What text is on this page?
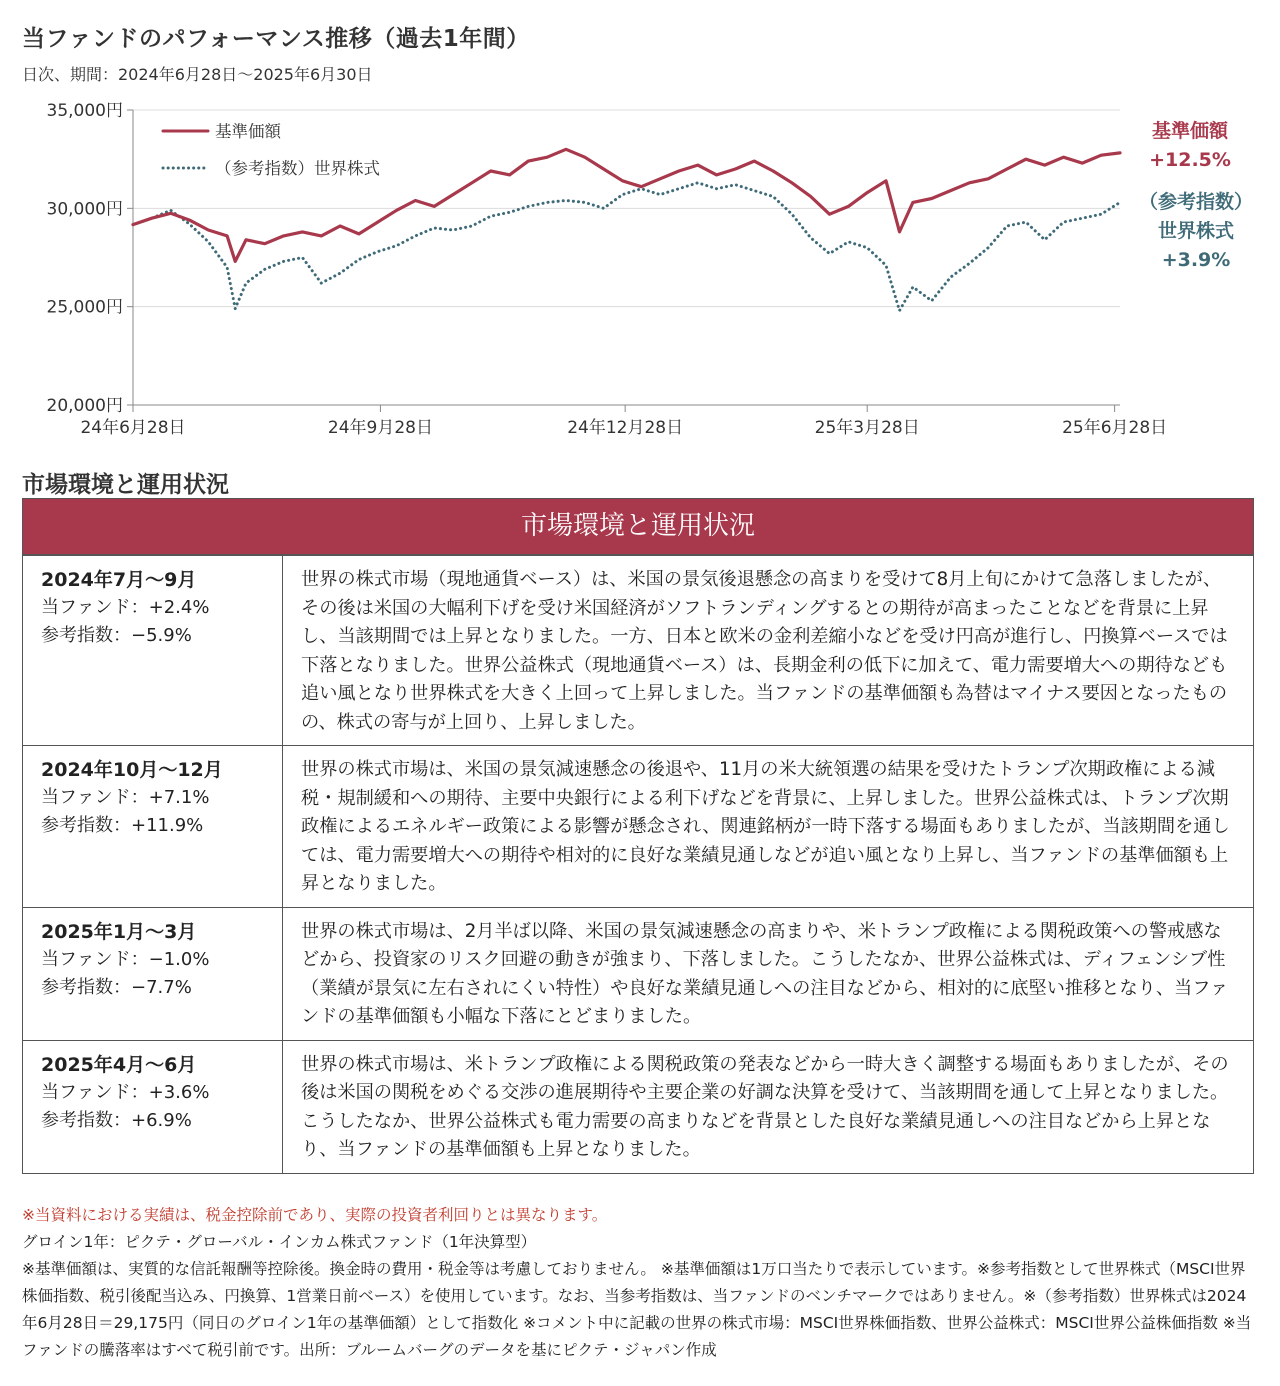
当ファンドのパフォーマンス推移（過去1年間）
日次、期間：2024年6月28日～2025年6月30日
35,000円
30,000円
25,000円
20,000円
24年6月28日	24年9月28日	24年12月28日	25年3月28日	25年6月28日
基準価額
（参考指数）世界株式
基準価額
+12.5%
（参考指数）
世界株式
+3.9%
市場環境と運用状況
市場環境と運用状況
2024年7月～9月
当ファンド：+2.4%
参考指数：−5.9%
世界の株式市場（現地通貨ベース）は、米国の景気後退懸念の高まりを受けて8月上旬にかけて急落しましたが、その後は米国の大幅利下げを受け米国経済がソフトランディングするとの期待が高まったことなどを背景に上昇し、当該期間では上昇となりました。一方、日本と欧米の金利差縮小などを受け円高が進行し、円換算ベースでは下落となりました。世界公益株式（現地通貨ベース）は、長期金利の低下に加えて、電力需要増大への期待なども追い風となり世界株式を大きく上回って上昇しました。当ファンドの基準価額も為替はマイナス要因となったものの、株式の寄与が上回り、上昇しました。
2024年10月～12月
当ファンド：+7.1%
参考指数：+11.9%
世界の株式市場は、米国の景気減速懸念の後退や、11月の米大統領選の結果を受けたトランプ次期政権による減税・規制緩和への期待、主要中央銀行による利下げなどを背景に、上昇しました。世界公益株式は、トランプ次期政権によるエネルギー政策による影響が懸念され、関連銘柄が一時下落する場面もありましたが、当該期間を通しては、電力需要増大への期待や相対的に良好な業績見通しなどが追い風となり上昇し、当ファンドの基準価額も上昇となりました。
2025年1月～3月
当ファンド：−1.0%
参考指数：−7.7%
世界の株式市場は、2月半ば以降、米国の景気減速懸念の高まりや、米トランプ政権による関税政策への警戒感などから、投資家のリスク回避の動きが強まり、下落しました。こうしたなか、世界公益株式は、ディフェンシブ性（業績が景気に左右されにくい特性）や良好な業績見通しへの注目などから、相対的に底堅い推移となり、当ファンドの基準価額も小幅な下落にとどまりました。
2025年4月～6月
当ファンド：+3.6%
参考指数：+6.9%
世界の株式市場は、米トランプ政権による関税政策の発表などから一時大きく調整する場面もありましたが、その後は米国の関税をめぐる交渉の進展期待や主要企業の好調な決算を受けて、当該期間を通して上昇となりました。こうしたなか、世界公益株式も電力需要の高まりなどを背景とした良好な業績見通しへの注目などから上昇となり、当ファンドの基準価額も上昇となりました。
※当資料における実績は、税金控除前であり、実際の投資者利回りとは異なります。
グロイン1年：ピクテ・グローバル・インカム株式ファンド（1年決算型）
※基準価額は、実質的な信託報酬等控除後。換金時の費用・税金等は考慮しておりません。 ※基準価額は1万口当たりで表示しています。※参考指数として世界株式（MSCI世界株価指数、税引後配当込み、円換算、1営業日前ベース）を使用しています。なお、当参考指数は、当ファンドのベンチマークではありません。※（参考指数）世界株式は2024年6月28日＝29,175円（同日のグロイン1年の基準価額）として指数化 ※コメント中に記載の世界の株式市場：MSCI世界株価指数、世界公益株式：MSCI世界公益株価指数 ※当ファンドの騰落率はすべて税引前です。出所：ブルームバーグのデータを基にピクテ・ジャパン作成
